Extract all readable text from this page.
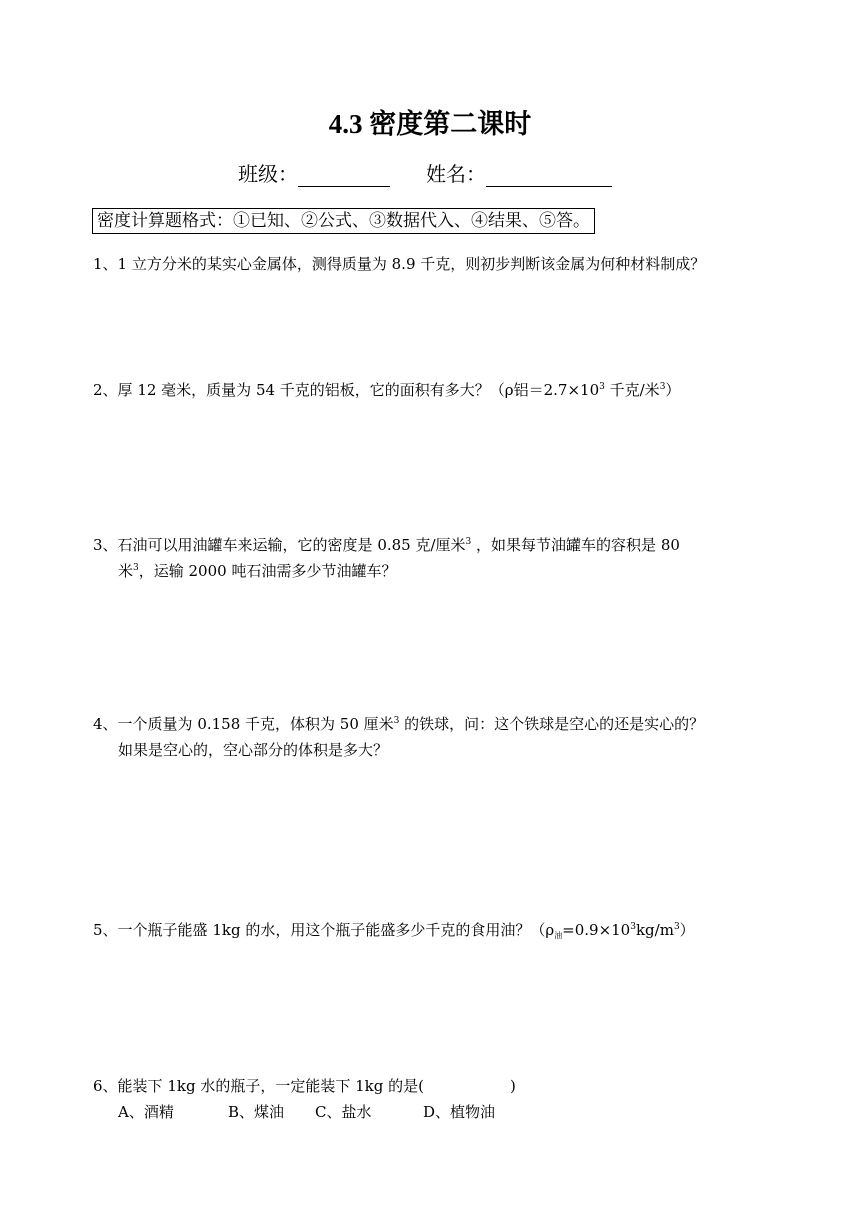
4.3 密度第二课时
班级：	姓名：
密度计算题格式：①已知、②公式、③数据代入、④结果、⑤答。
1、1 立方分米的某实心金属体，测得质量为 8.9 千克，则初步判断该金属为何种材料制成？
2、厚 12 毫米，质量为 54 千克的铝板，它的面积有多大？（ρ铝$=2.7\times 10^3$ 千克/米$^3$）
3、石油可以用油罐车来运输，它的密度是 0.85 克/厘米$^3$ ，如果每节油罐车的容积是 80
米$^3$，运输 2000 吨石油需多少节油罐车？
4、一个质量为 0.158 千克，体积为 50 厘米$^3$ 的铁球，问：这个铁球是空心的还是实心的？
如果是空心的，空心部分的体积是多大？
5、一个瓶子能盛 1kg 的水，用这个瓶子能盛多少千克的食用油？$(\rho_油=0.9\times 10^3kg/m^3)$
6、能装下 1kg 水的瓶子，一定能装下 1kg 的是(	)
A、酒精	B、煤油 C、盐水	D、植物油
